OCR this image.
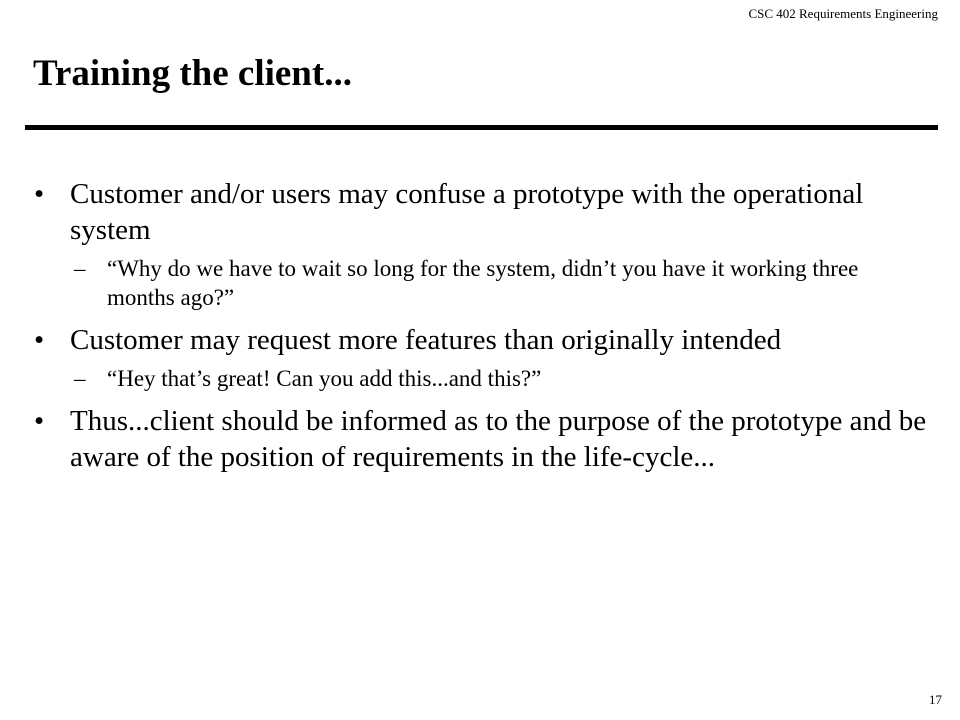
CSC 402 Requirements Engineering
Training the client...
• Customer and/or users may confuse a prototype with the operational system
– “Why do we have to wait so long for the system, didn’t you have it working three months ago?”
• Customer may request more features than originally intended
– “Hey that’s great! Can you add this...and this?”
• Thus...client should be informed as to the purpose of the prototype and be aware of the position of requirements in the life-cycle...
17
